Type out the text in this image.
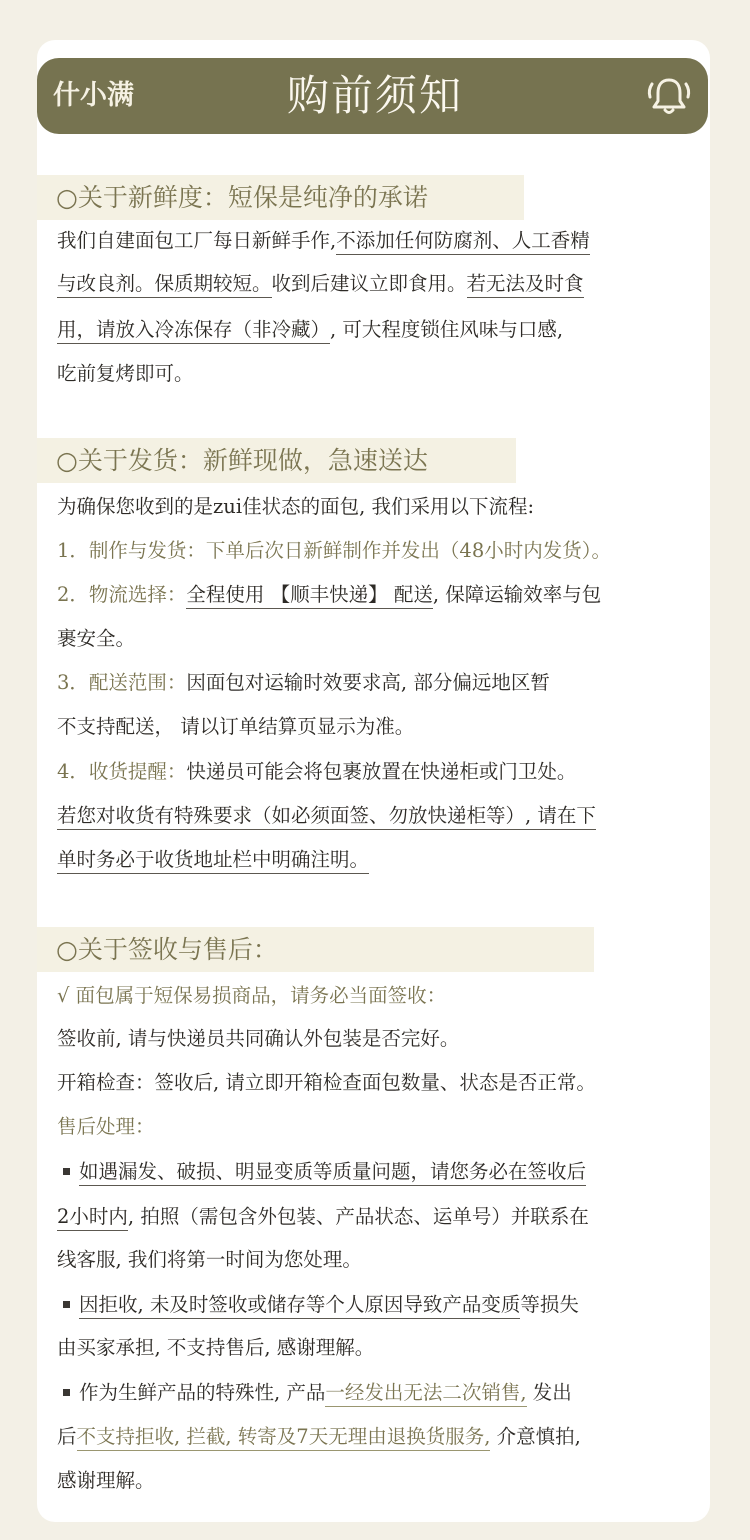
什小满	购前须知
○关于新鲜度：短保是纯净的承诺
我们自建面包工厂每日新鲜手作,不添加任何防腐剂、人工香精
与改良剂。保质期较短。收到后建议立即食用。若无法及时食
用，请放入冷冻保存（非冷藏）, 可大程度锁住风味与口感,
吃前复烤即可。
○关于发货：新鲜现做，急速送达
为确保您收到的是zui佳状态的面包, 我们采用以下流程:
1．制作与发货：下单后次日新鲜制作并发出（48小时内发货）。
2．物流选择：全程使用 【顺丰快递】 配送, 保障运输效率与包
裹安全。
3．配送范围：因面包对运输时效要求高, 部分偏远地区暂
不支持配送， 请以订单结算页显示为准。
4．收货提醒：快递员可能会将包裹放置在快递柜或门卫处。
若您对收货有特殊要求（如必须面签、勿放快递柜等）, 请在下
单时务必于收货地址栏中明确注明。
○关于签收与售后：
√ 面包属于短保易损商品，请务必当面签收：
签收前, 请与快递员共同确认外包装是否完好。
开箱检查：签收后, 请立即开箱检查面包数量、状态是否正常。
售后处理：
如遇漏发、破损、明显变质等质量问题，请您务必在签收后
2小时内, 拍照（需包含外包装、产品状态、运单号）并联系在
线客服, 我们将第一时间为您处理。
因拒收, 未及时签收或储存等个人原因导致产品变质等损失
由买家承担, 不支持售后, 感谢理解。
作为生鲜产品的特殊性, 产品一经发出无法二次销售, 发出
后不支持拒收, 拦截, 转寄及7天无理由退换货服务, 介意慎拍,
感谢理解。
